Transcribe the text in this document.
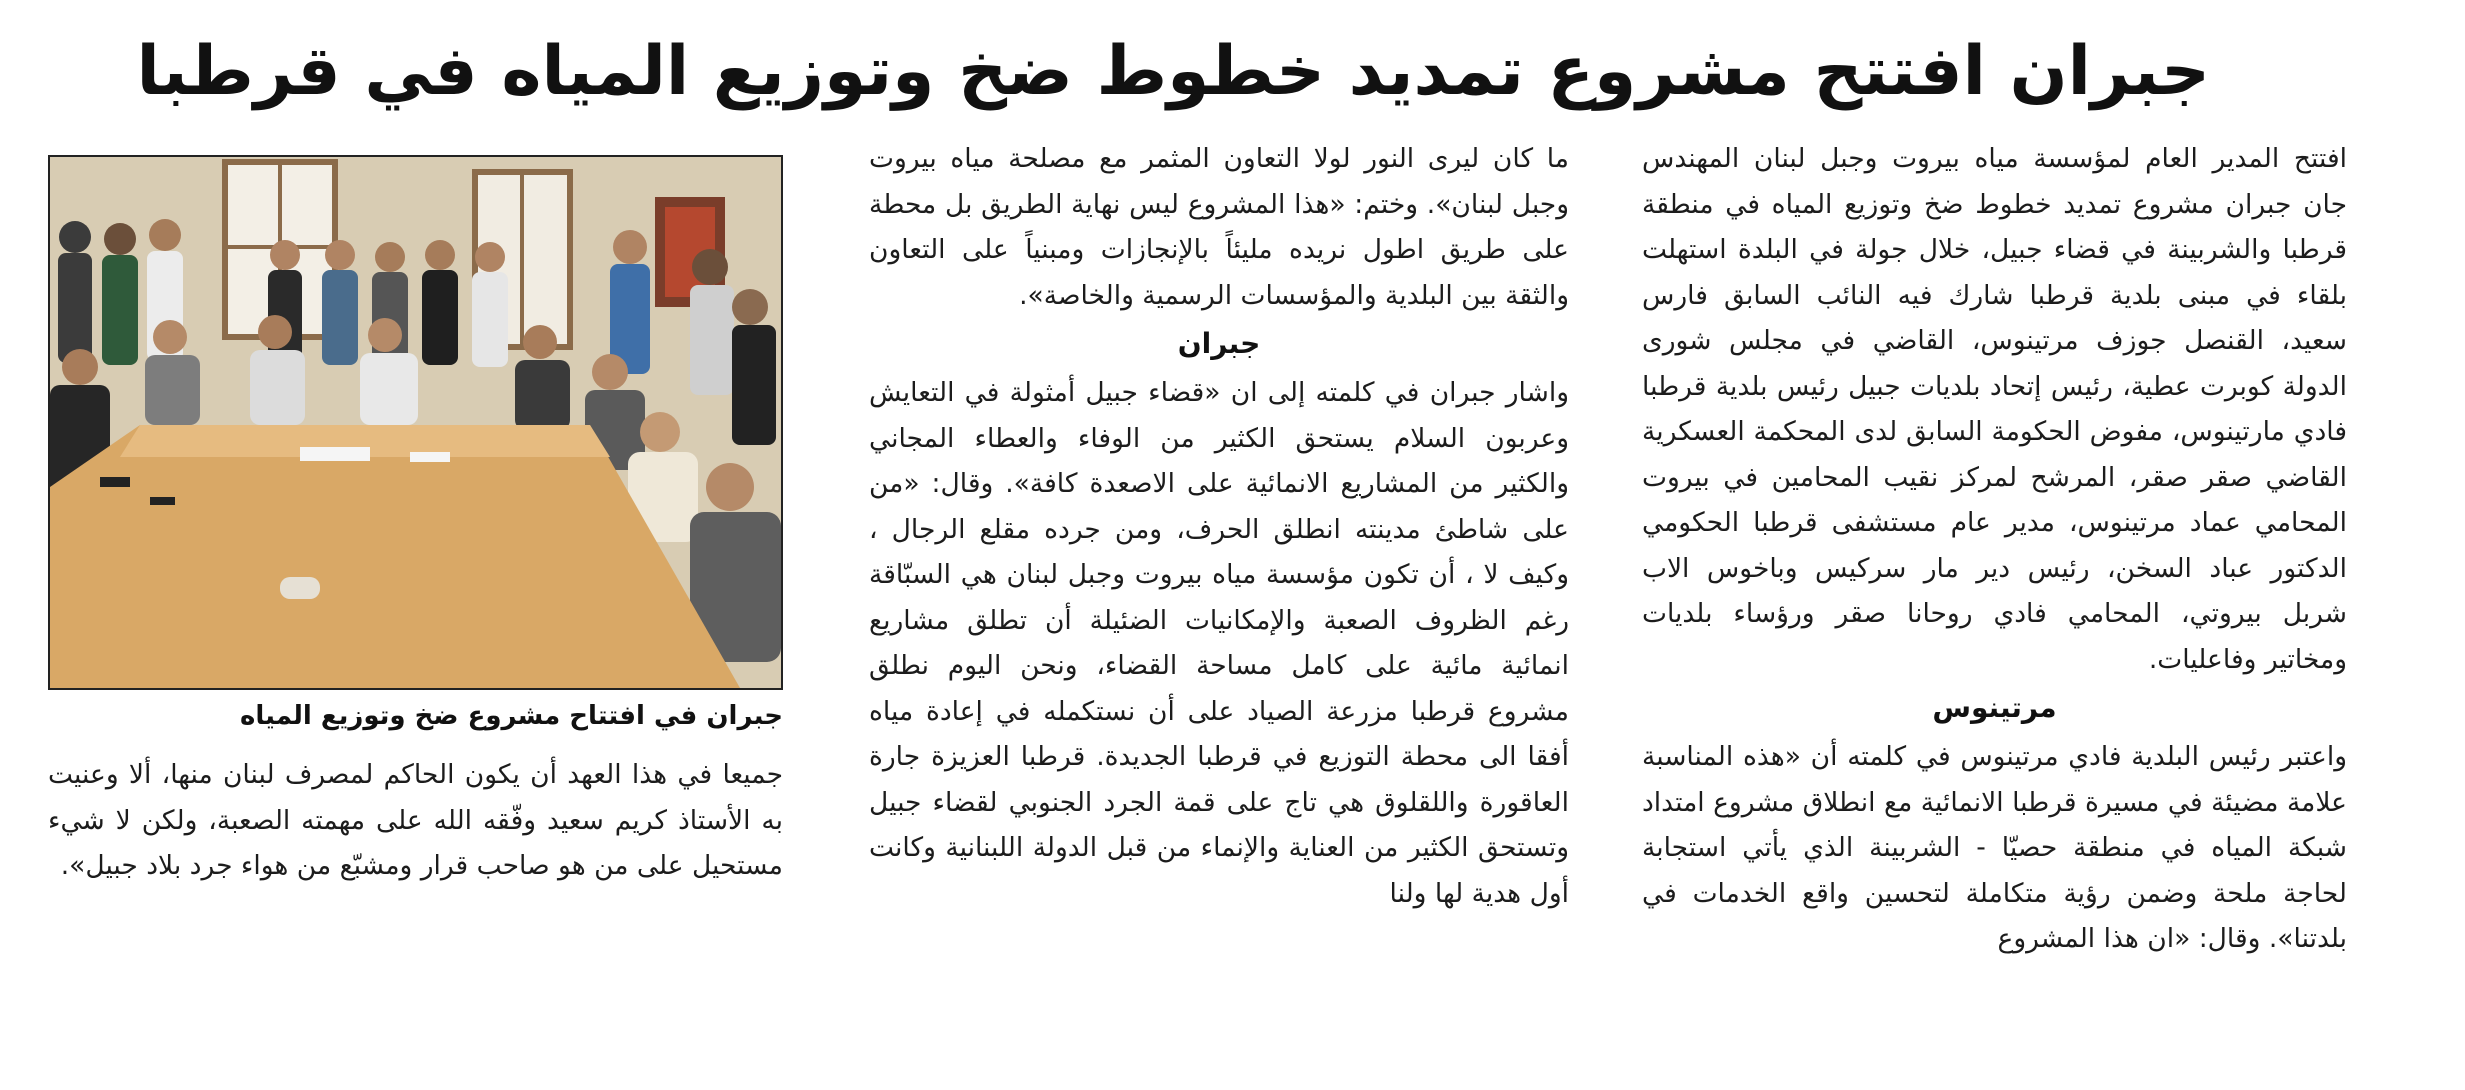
جبران افتتح مشروع تمديد خطوط ضخ وتوزيع المياه في قرطبا

افتتح المدير العام لمؤسسة مياه بيروت وجبل لبنان المهندس جان جبران مشروع تمديد خطوط ضخ وتوزيع المياه في منطقة قرطبا والشربينة في قضاء جبيل، خلال جولة في البلدة استهلت بلقاء في مبنى بلدية قرطبا شارك فيه النائب السابق فارس سعيد، القنصل جوزف مرتينوس، القاضي في مجلس شورى الدولة كوبرت عطية، رئيس إتحاد بلديات جبيل رئيس بلدية قرطبا فادي مارتينوس، مفوض الحكومة السابق لدى المحكمة العسكرية القاضي صقر صقر، المرشح لمركز نقيب المحامين في بيروت المحامي عماد مرتينوس، مدير عام مستشفى قرطبا الحكومي الدكتور عباد السخن، رئيس دير مار سركيس وباخوس الاب شربل بيروتي، المحامي فادي روحانا صقر ورؤساء بلديات ومخاتير وفاعليات.

مرتينوس

واعتبر رئيس البلدية فادي مرتينوس في كلمته أن «هذه المناسبة علامة مضيئة في مسيرة قرطبا الانمائية مع انطلاق مشروع امتداد شبكة المياه في منطقة حصيّا - الشربينة الذي يأتي استجابة لحاجة ملحة وضمن رؤية متكاملة لتحسين واقع الخدمات في بلدتنا». وقال: «ان هذا المشروع

ما كان ليرى النور لولا التعاون المثمر مع مصلحة مياه بيروت وجبل لبنان». وختم: «هذا المشروع ليس نهاية الطريق بل محطة على طريق اطول نريده مليئاً بالإنجازات ومبنياً على التعاون والثقة بين البلدية والمؤسسات الرسمية والخاصة».

جبران

واشار جبران في كلمته إلى ان «قضاء جبيل أمثولة في التعايش وعربون السلام يستحق الكثير من الوفاء والعطاء المجاني والكثير من المشاريع الانمائية على الاصعدة كافة». وقال: «من على شاطئ مدينته انطلق الحرف، ومن جرده مقلع الرجال ، وكيف لا ، أن تكون مؤسسة مياه بيروت وجبل لبنان هي السبّاقة رغم الظروف الصعبة والإمكانيات الضئيلة أن تطلق مشاريع انمائية مائية على كامل مساحة القضاء، ونحن اليوم نطلق مشروع قرطبا مزرعة الصياد على أن نستكمله في إعادة مياه أفقا الى محطة التوزيع في قرطبا الجديدة. قرطبا العزيزة جارة العاقورة واللقلوق هي تاج على قمة الجرد الجنوبي لقضاء جبيل وتستحق الكثير من العناية والإنماء من قبل الدولة اللبنانية وكانت أول هدية لها ولنا

جبران في افتتاح مشروع ضخ وتوزيع المياه

جميعا في هذا العهد أن يكون الحاكم لمصرف لبنان منها، ألا وعنيت به الأستاذ كريم سعيد وفّقه الله على مهمته الصعبة، ولكن لا شيء مستحيل على من هو صاحب قرار ومشبّع من هواء جرد بلاد جبيل».
